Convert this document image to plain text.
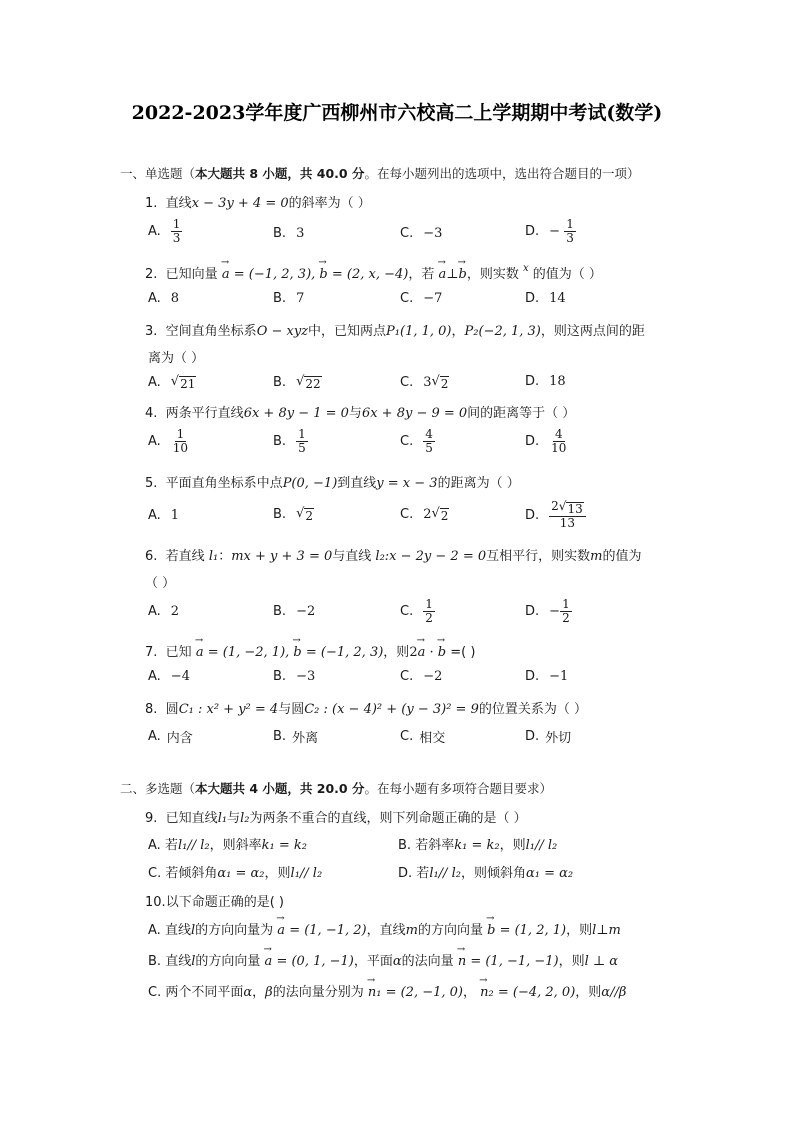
2022-2023学年度广西柳州市六校高二上学期期中考试(数学)
一、单选题（本大题共 8 小题，共 40.0 分。在每小题列出的选项中，选出符合题目的一项）
1. 直线x − 3y + 4 = 0的斜率为（ ）
A. $\frac{1}{3}$	B. 3	C. −3	D. −
$\frac{1}{3}$
2. 已知向量 → a = (−1, 2, 3), → b = (2, x, −4)，若 → a⊥→ b，则实数 $^x$ 的值为（ ）
A. 8	B. 7	C. −7	D. 14
3. 空间直角坐标系O − xyz中，已知两点P₁(1, 1, 0)，P₂(−2, 1, 3)，则这两点间的距
离为（ ）
A. √ 21	B. √ 22	C. 3 √ 2	D. 18
4. 两条平行直线6x + 8y − 1 = 0与6x + 8y − 9 = 0间的距离等于（ ）
A. $\frac{1}{10}$	B. $\frac{1}{5}$	C. $\frac{4}{5}$	D. $\frac{4}{10}$
5. 平面直角坐标系中点P(0, −1)到直线y = x − 3的距离为（ ）
A. 1	B. √ 2	C. 2 √ 2	D. $\frac{2 √ 13}{13}$
6. 若直线 l₁：mx + y + 3 = 0与直线 l₂:x − 2y − 2 = 0互相平行，则实数m的值为
（ ）
A. 2	B. −2	C. $\frac{1}{2}$	D. − $\frac{1}{2}$
7. 已知 → a = (1, −2, 1), → b = (−1, 2, 3)，则2→ a · → b =( )
A. −4	B. −3	C. −2	D. −1
8. 圆C₁ : x² + y² = 4与圆C₂ : (x − 4)² + (y − 3)² = 9的位置关系为（ ）
A. 内含	B. 外离	C. 相交	D. 外切
二、多选题（本大题共 4 小题，共 20.0 分。在每小题有多项符合题目要求）
9. 已知直线l₁与l₂为两条不重合的直线，则下列命题正确的是（ ）
A. 若l₁// l₂，则斜率k₁ = k₂	B. 若斜率k₁ = k₂，则l₁// l₂
C. 若倾斜角α₁ = α₂，则l₁// l₂	D. 若l₁// l₂，则倾斜角α₁ = α₂
10.以下命题正确的是( )
A. 直线l的方向向量为 → a = (1, −1, 2)，直线m的方向向量 → b = (1, 2, 1)，则l⊥m
B. 直线l的方向向量 → a = (0, 1, −1)，平面α的法向量 → n = (1, −1, −1)，则l ⊥ α
C. 两个不同平面α，β的法向量分别为 → n₁ = (2, −1, 0)， → n₂ = (−4, 2, 0)，则α//β
